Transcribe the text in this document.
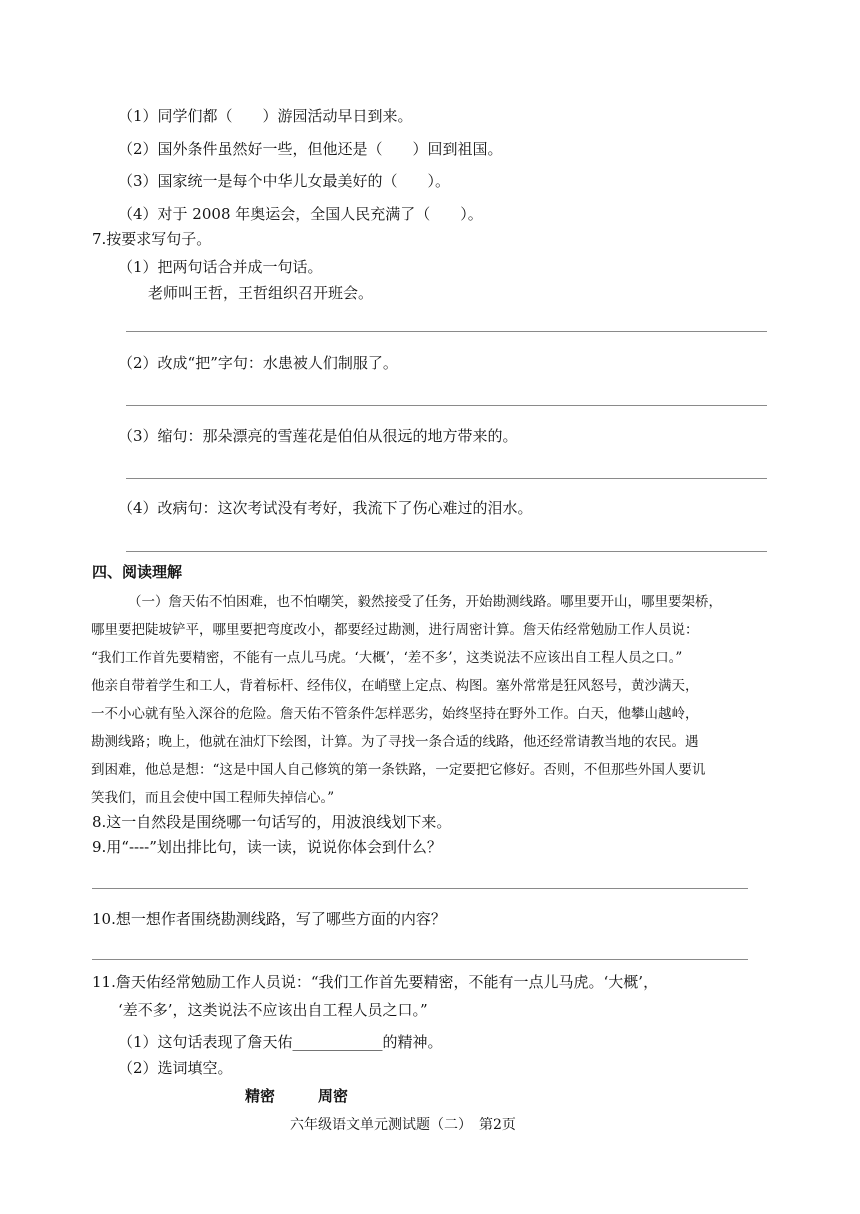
（1）同学们都（　　）游园活动早日到来。
（2）国外条件虽然好一些，但他还是（　　）回到祖国。
（3）国家统一是每个中华儿女最美好的（　　）。
（4）对于 2008 年奥运会，全国人民充满了（　　）。
7.按要求写句子。
（1）把两句话合并成一句话。
老师叫王哲，王哲组织召开班会。
（2）改成“把”字句：水患被人们制服了。
（3）缩句：那朵漂亮的雪莲花是伯伯从很远的地方带来的。
（4）改病句：这次考试没有考好，我流下了伤心难过的泪水。
四、阅读理解
（一）詹天佑不怕困难，也不怕嘲笑，毅然接受了任务，开始勘测线路。哪里要开山，哪里要架桥，
哪里要把陡坡铲平，哪里要把弯度改小，都要经过勘测，进行周密计算。詹天佑经常勉励工作人员说：
“我们工作首先要精密，不能有一点儿马虎。‘大概’，‘差不多’，这类说法不应该出自工程人员之口。”
他亲自带着学生和工人，背着标杆、经伟仪，在峭壁上定点、构图。塞外常常是狂风怒号，黄沙满天，
一不小心就有坠入深谷的危险。詹天佑不管条件怎样恶劣，始终坚持在野外工作。白天，他攀山越岭，
勘测线路；晚上，他就在油灯下绘图，计算。为了寻找一条合适的线路，他还经常请教当地的农民。遇
到困难，他总是想：“这是中国人自己修筑的第一条铁路，一定要把它修好。否则，不但那些外国人要讥
笑我们，而且会使中国工程师失掉信心。”
8.这一自然段是围绕哪一句话写的，用波浪线划下来。
9.用“----”划出排比句，读一读，说说你体会到什么？
10.想一想作者围绕勘测线路，写了哪些方面的内容？
11.詹天佑经常勉励工作人员说：“我们工作首先要精密，不能有一点儿马虎。‘大概’，
‘差不多’，这类说法不应该出自工程人员之口。”
（1）这句话表现了詹天佑____________的精神。
（2）选词填空。
精密	周密
六年级语文单元测试题（二）　第2页
